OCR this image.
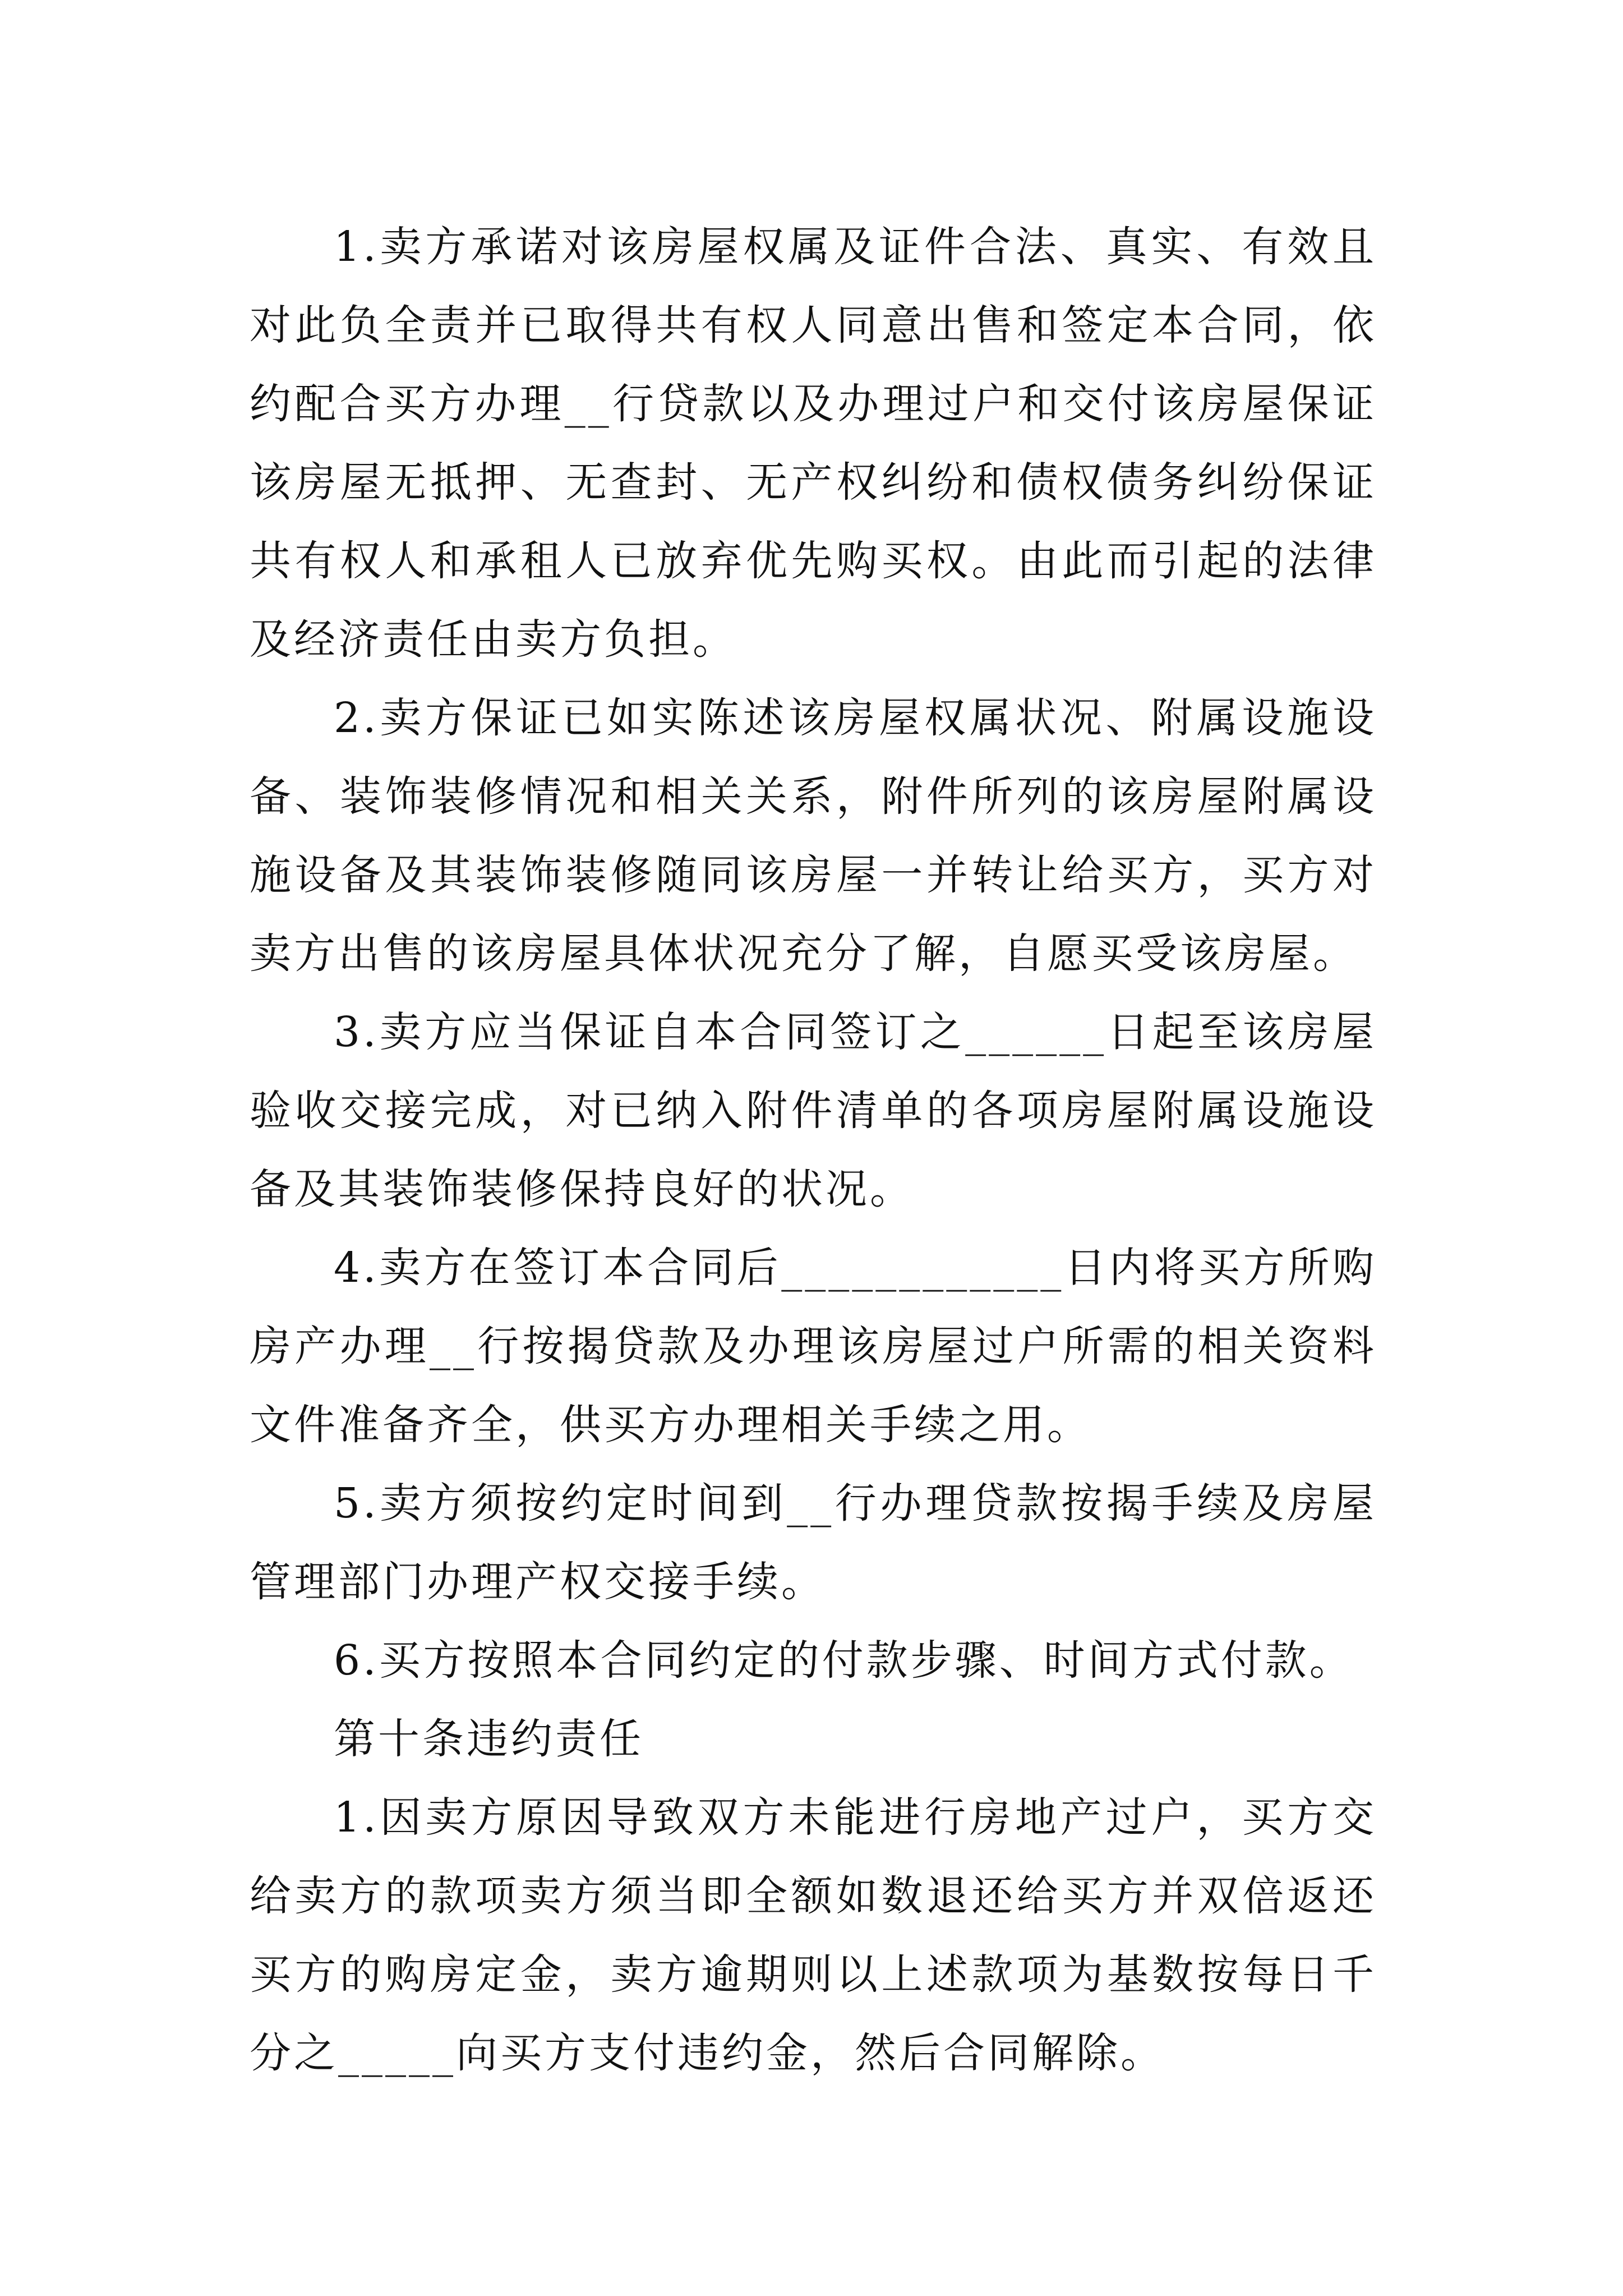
1.卖方承诺对该房屋权属及证件合法、真实、有效且对此负全责并已取得共有权人同意出售和签定本合同，依约配合买方办理__行贷款以及办理过户和交付该房屋保证该房屋无抵押、无查封、无产权纠纷和债权债务纠纷保证共有权人和承租人已放弃优先购买权。由此而引起的法律及经济责任由卖方负担。

2.卖方保证已如实陈述该房屋权属状况、附属设施设备、装饰装修情况和相关关系，附件所列的该房屋附属设施设备及其装饰装修随同该房屋一并转让给买方，买方对卖方出售的该房屋具体状况充分了解，自愿买受该房屋。

3.卖方应当保证自本合同签订之______日起至该房屋验收交接完成，对已纳入附件清单的各项房屋附属设施设备及其装饰装修保持良好的状况。

4.卖方在签订本合同后____________日内将买方所购房产办理__行按揭贷款及办理该房屋过户所需的相关资料文件准备齐全，供买方办理相关手续之用。

5.卖方须按约定时间到__行办理贷款按揭手续及房屋管理部门办理产权交接手续。

6.买方按照本合同约定的付款步骤、时间方式付款。

第十条违约责任

1.因卖方原因导致双方未能进行房地产过户，买方交给卖方的款项卖方须当即全额如数退还给买方并双倍返还买方的购房定金，卖方逾期则以上述款项为基数按每日千分之_____向买方支付违约金，然后合同解除。
